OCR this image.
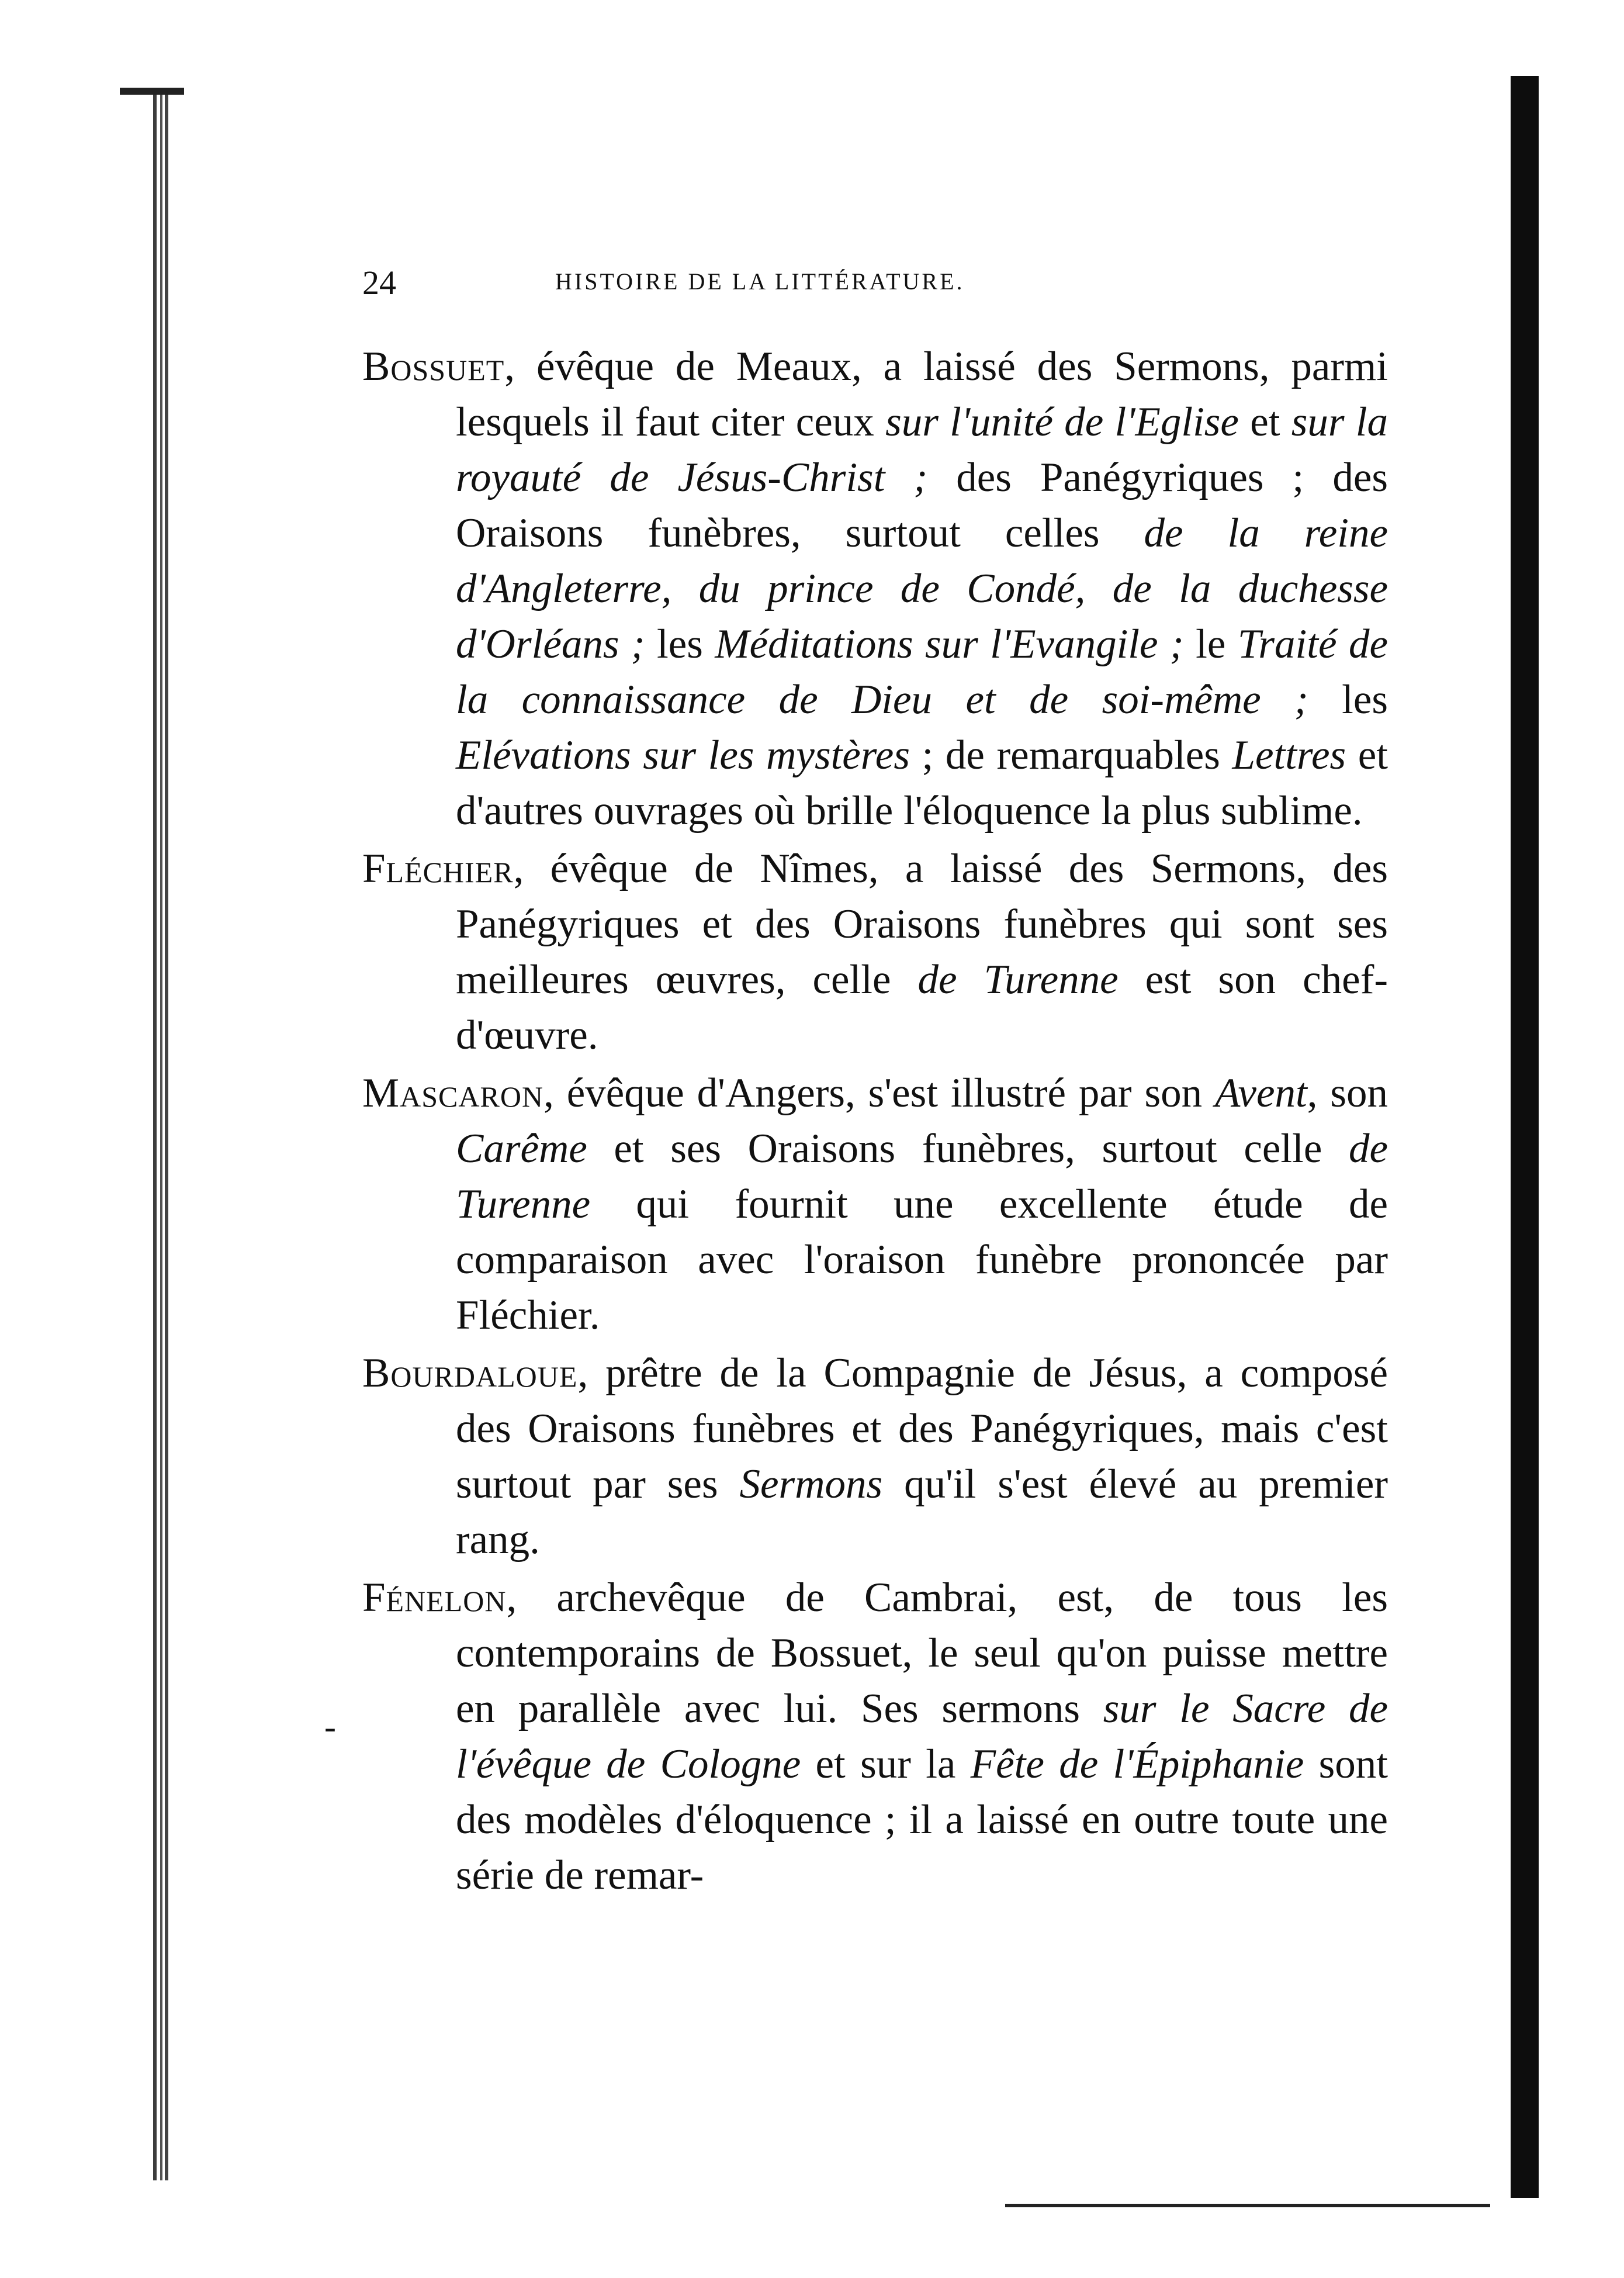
24	HISTOIRE DE LA LITTÉRATURE.
-

Bossuet, évêque de Meaux, a laissé des Sermons, parmi lesquels il faut citer ceux sur l'unité de l'Eglise et sur la royauté de Jésus-Christ ; des Panégyriques ; des Oraisons funèbres, surtout celles de la reine d'Angleterre, du prince de Condé, de la duchesse d'Orléans ; les Méditations sur l'Evangile ; le Traité de la connaissance de Dieu et de soi-même ; les Elévations sur les mystères ; de remarquables Lettres et d'autres ouvrages où brille l'éloquence la plus sublime.

Fléchier, évêque de Nîmes, a laissé des Sermons, des Panégyriques et des Oraisons funèbres qui sont ses meilleures œuvres, celle de Turenne est son chef-d'œuvre.

Mascaron, évêque d'Angers, s'est illustré par son Avent, son Carême et ses Oraisons funèbres, surtout celle de Turenne qui fournit une excellente étude de comparaison avec l'oraison funèbre prononcée par Fléchier.

Bourdaloue, prêtre de la Compagnie de Jésus, a composé des Oraisons funèbres et des Panégyriques, mais c'est surtout par ses Sermons qu'il s'est élevé au premier rang.

Fénelon, archevêque de Cambrai, est, de tous les contemporains de Bossuet, le seul qu'on puisse mettre en parallèle avec lui. Ses sermons sur le Sacre de l'évêque de Cologne et sur la Fête de l'Épiphanie sont des modèles d'éloquence ; il a laissé en outre toute une série de remar-
